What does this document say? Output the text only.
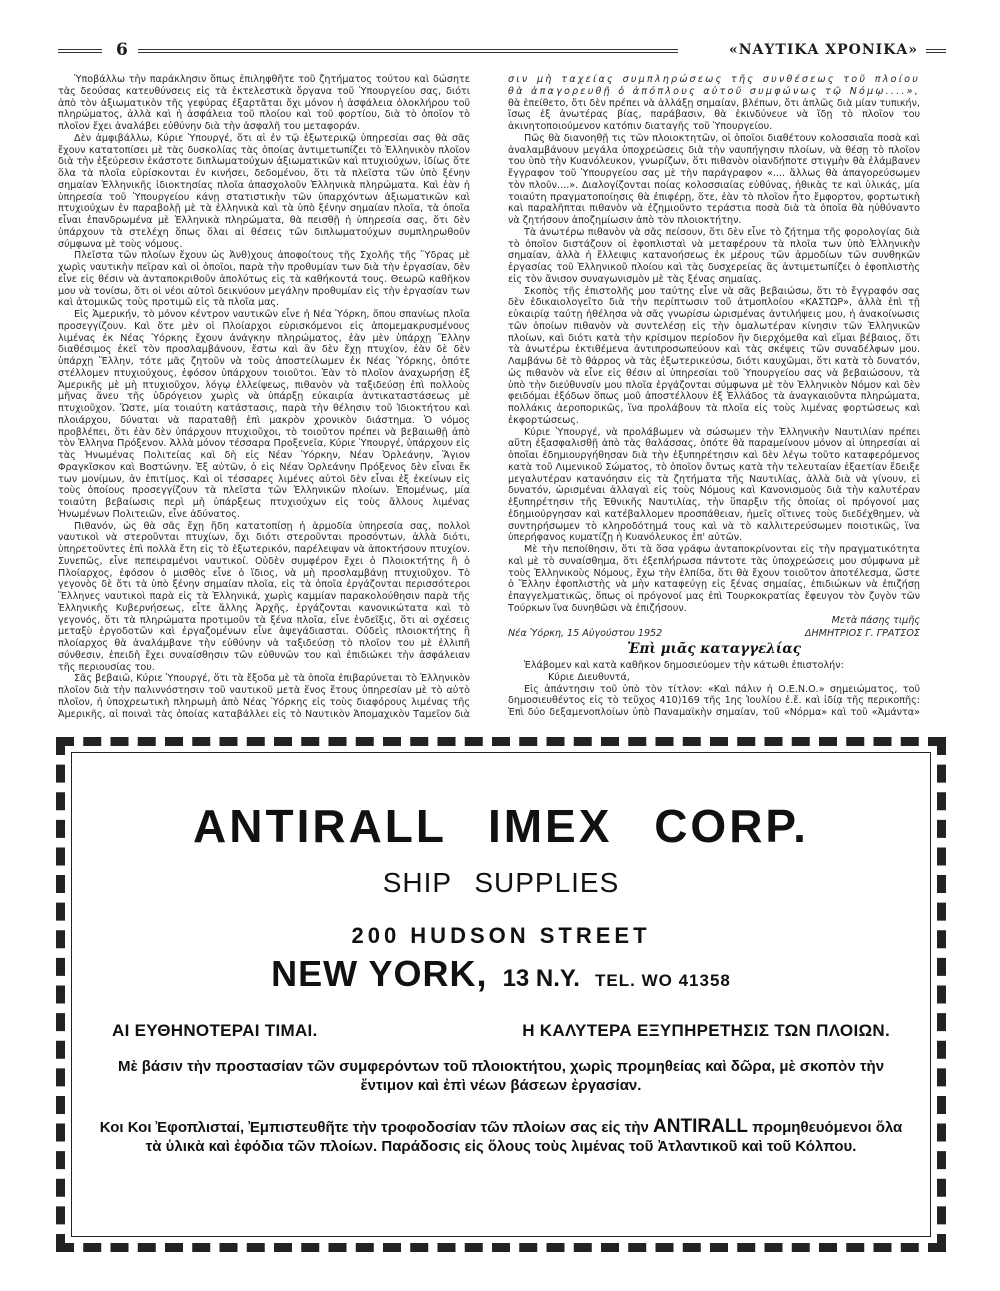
6	«ΝΑΥΤΙΚΑ ΧΡΟΝΙΚΑ»

Ὑποβάλλω τὴν παράκλησιν ὅπως ἐπιληφθῆτε τοῦ ζητήματος τούτου καὶ δώσητε τὰς δεούσας κατευθύνσεις εἰς τὰ ἐκτελεστικὰ ὄργανα τοῦ Ὑπουργείου σας, διότι ἀπὸ τὸν ἀξιωματικὸν τῆς γεφύρας ἐξαρτᾶται ὄχι μόνον ἡ ἀσφάλεια ὁλοκλήρου τοῦ πληρώματος, ἀλλὰ καὶ ἡ ἀσφάλεια τοῦ πλοίου καὶ τοῦ φορτίου, διὰ τὸ ὁποῖον τὸ πλοῖον ἔχει ἀναλάβει εὐθύνην διὰ τὴν ἀσφαλῆ του μεταφοράν.

Δὲν ἀμφιβάλλω, Κύριε Ὑπουργέ, ὅτι αἱ ἐν τῷ ἐξωτερικῷ ὑπηρεσίαι σας θὰ σᾶς ἔχουν κατατοπίσει μὲ τὰς δυσκολίας τὰς ὁποίας ἀντιμετωπίζει τὸ Ἑλληνικὸν πλοῖον διὰ τὴν ἐξεύρεσιν ἑκάστοτε διπλωματούχων ἀξιωματικῶν καὶ πτυχιούχων, ἰδίως ὅτε ὅλα τὰ πλοῖα εὑρίσκονται ἐν κινήσει, δεδομένου, ὅτι τὰ πλεῖστα τῶν ὑπὸ ξένην σημαίαν Ἑλληνικῆς ἰδιοκτησίας πλοῖα ἀπασχολοῦν Ἑλληνικὰ πληρώματα. Καὶ ἐὰν ἡ ὑπηρεσία τοῦ Ὑπουργείου κάνῃ στατιστικὴν τῶν ὑπαρχόντων ἀξιωματικῶν καὶ πτυχιούχων ἐν παραβολῇ μὲ τὰ ἑλληνικὰ καὶ τὰ ὑπὸ ξένην σημαίαν πλοῖα, τὰ ὁποῖα εἶναι ἐπανδρωμένα μὲ Ἑλληνικὰ πληρώματα, θὰ πεισθῇ ἡ ὑπηρεσία σας, ὅτι δὲν ὑπάρχουν τὰ στελέχη ὅπως ὅλαι αἱ θέσεις τῶν διπλωματούχων συμπληρωθοῦν σύμφωνα μὲ τοὺς νόμους.

Πλεῖστα τῶν πλοίων ἔχουν ὡς Ἀνθ)χους ἀποφοίτους τῆς Σχολῆς τῆς Ὕδρας μὲ χωρὶς ναυτικὴν πεῖραν καὶ οἱ ὁποῖοι, παρὰ τὴν προθυμίαν των διὰ τὴν ἐργασίαν, δὲν εἶνε εἰς θέσιν νὰ ἀνταποκριθοῦν ἀπολύτως εἰς τὰ καθήκοντά τους. Θεωρῶ καθῆκον μου νὰ τονίσω, ὅτι οἱ νέοι αὐτοὶ δεικνύουν μεγάλην προθυμίαν εἰς τὴν ἐργασίαν των καὶ ἀτομικῶς τοὺς προτιμῶ εἰς τὰ πλοῖα μας.

Εἰς Ἀμερικήν, τὸ μόνον κέντρον ναυτικῶν εἶνε ἡ Νέα Ὑόρκη, ὅπου σπανίως πλοῖα προσεγγίζουν. Καὶ ὅτε μὲν οἱ Πλοίαρχοι εὑρισκόμενοι εἰς ἀπομεμακρυσμένους λιμένας ἐκ Νέας Ὑόρκης ἔχουν ἀνάγκην πληρώματος, ἐὰν μὲν ὑπάρχῃ Ἕλλην διαθέσιμος ἐκεῖ τὸν προσλαμβάνουν, ἔστω καὶ ἂν δὲν ἔχῃ πτυχίον, ἐὰν δὲ δὲν ὑπάρχῃ Ἕλλην, τότε μᾶς ζητοῦν νὰ τοὺς ἀποστείλωμεν ἐκ Νέας Ὑόρκης, ὁπότε στέλλομεν πτυχιούχους, ἐφόσον ὑπάρχουν τοιοῦτοι. Ἐὰν τὸ πλοῖον ἀναχωρήσῃ ἐξ Ἀμερικῆς μὲ μὴ πτυχιοῦχον, λόγῳ ἐλλείψεως, πιθανὸν νὰ ταξιδεύσῃ ἐπὶ πολλοὺς μῆνας ἄνευ τῆς ὑδρόγειον χωρὶς νὰ ὑπάρξῃ εὐκαιρία ἀντικαταστάσεως μὲ πτυχιοῦχον. Ὥστε, μία τοιαύτη κατάστασις, παρὰ τὴν θέλησιν τοῦ Ἰδιοκτήτου καὶ πλοιάρχου, δύναται νὰ παραταθῇ ἐπὶ μακρὸν χρονικὸν διάστημα. Ὁ νόμος προβλέπει, ὅτι ἐὰν δὲν ὑπάρχουν πτυχιοῦχοι, τὸ τοιοῦτον πρέπει νὰ βεβαιωθῇ ἀπὸ τὸν Ἑλληνα Πρόξενον. Ἀλλὰ μόνον τέσσαρα Προξενεῖα, Κύριε Ὑπουργέ, ὑπάρχουν εἰς τὰς Ἡνωμένας Πολιτείας καὶ δὴ εἰς Νέαν Ὑόρκην, Νέαν Ὀρλεάνην, Ἅγιον Φραγκῖσκον καὶ Βοστώνην. Ἐξ αὐτῶν, ὁ εἰς Νέαν Ὀρλεάνην Πρόξενος δὲν εἶναι ἔκ των μονίμων, ἀν ἐπιτίμος. Καὶ οἱ τέσσαρες λιμένες αὐτοὶ δὲν εἶναι ἐξ ἐκείνων εἰς τοὺς ὁποίους προσεγγίζουν τὰ πλεῖστα τῶν Ἑλληνικῶν πλοίων. Ἑπομένως, μία τοιαύτη βεβαίωσις περὶ μὴ ὑπάρξεως πτυχιούχων εἰς τοὺς ἄλλους λιμένας Ἡνωμένων Πολιτειῶν, εἶνε ἀδύνατος.

Πιθανόν, ὡς θὰ σᾶς ἔχῃ ἤδη κατατοπίσῃ ἡ ἁρμοδία ὑπηρεσία σας, πολλοὶ ναυτικοὶ νὰ στεροῦνται πτυχίων, ὄχι διότι στεροῦνται προσόντων, ἀλλὰ διότι, ὑπηρετοῦντες ἐπὶ πολλὰ ἔτη εἰς τὸ ἐξωτερικόν, παρέλειψαν νὰ ἀποκτήσουν πτυχίον. Συνεπῶς, εἶνε πεπειραμένοι ναυτικοί. Οὐδὲν συμφέρον ἔχει ὁ Πλοιοκτήτης ἢ ὁ Πλοίαρχος, ἐφόσον ὁ μισθὸς εἶνε ὁ ἴδιος, νὰ μὴ προσλαμβάνῃ πτυχιοῦχον. Τὸ γεγονὸς δὲ ὅτι τὰ ὑπὸ ξένην σημαίαν πλοῖα, εἰς τὰ ὁποῖα ἐργάζονται περισσότεροι Ἕλληνες ναυτικοὶ παρὰ εἰς τὰ Ἑλληνικά, χωρὶς καμμίαν παρακολούθησιν παρὰ τῆς Ἑλληνικῆς Κυβερνήσεως, εἶτε ἄλλης Ἀρχῆς, ἐργάζονται κανονικώτατα καὶ τὸ γεγονός, ὅτι τὰ πληρώματα προτιμοῦν τὰ ξένα πλοῖα, εἶνε ἐνδεῖξις, ὅτι αἱ σχέσεις μεταξὺ ἐργοδοτῶν καὶ ἐργαζομένων εἶνε ἀψεγάδιασται. Οὐδεὶς πλοιοκτήτης ἢ πλοίαρχος θὰ ἀναλάμβανε τὴν εὐθύνην νὰ ταξιδεύσῃ τὸ πλοῖον του μὲ ἐλλιπῆ σύνθεσιν, ἐπειδὴ ἔχει συναίσθησιν τῶν εὐθυνῶν του καὶ ἐπιδιώκει τὴν ἀσφάλειαν τῆς περιουσίας του.

Σᾶς βεβαιῶ, Κύριε Ὑπουργέ, ὅτι τὰ ἔξοδα μὲ τὰ ὁποῖα ἐπιβαρύνεται τὸ Ἑλληνικὸν πλοῖον διὰ τὴν παλιννόστησιν τοῦ ναυτικοῦ μετὰ ἕνος ἔτους ὑπηρεσίαν μὲ τὸ αὐτὸ πλοῖον, ἡ ὑποχρεωτικὴ πληρωμὴ ἀπὸ Νέας Ὑόρκης εἰς τοὺς διαφόρους λιμένας τῆς Ἀμερικῆς, αἱ ποιναὶ τὰς ὁποίας καταβάλλει εἰς τὸ Ναυτικὸν Ἀπομαχικὸν Ταμεῖον διὰ

σιν μὴ ταχείας συμπληρώσεως τῆς συνθέσεως τοῦ πλοίου θὰ ἀπαγορευθῇ ὁ ἀπόπλους αὐτοῦ συμφώνως τῷ Νόμῳ....», θὰ ἐπείθετο, ὅτι δὲν πρέπει νὰ ἀλλάξῃ σημαίαν, βλέπων, ὅτι ἁπλῶς διὰ μίαν τυπικήν, ἴσως ἐξ ἀνωτέρας βίας, παράβασιν, θὰ ἐκινδύνευε νὰ ἴδῃ τὸ πλοῖον του ἀκινητοποιούμενον κατόπιν διαταγῆς τοῦ Ὑπουργείου.

Πῶς θὰ διανοηθῇ τις τῶν πλοιοκτητῶν, οἱ ὁποῖοι διαθέτουν κολοσσιαῖα ποσὰ καὶ ἀναλαμβάνουν μεγάλα ὑποχρεώσεις διὰ τὴν ναυπήγησιν πλοίων, νὰ θέσῃ τὸ πλοῖον του ὑπὸ τὴν Κυανόλευκον, γνωρίζων, ὅτι πιθανὸν οἱανδήποτε στιγμὴν θὰ ἐλάμβανεν ἔγγραφον τοῦ Ὑπουργείου σας μὲ τὴν παράγραφον «.... ἄλλως θὰ ἀπαγορεύσωμεν τὸν πλοῦν....». Διαλογίζονται ποίας κολοσσιαίας εὐθύνας, ἠθικὰς τε καὶ ὑλικάς, μία τοιαύτη πραγματοποίησις θὰ ἐπιφέρῃ, ὅτε, ἐὰν τὸ πλοῖον ἦτο ἔμφορτον, φορτωτικὴ καὶ παραλῆπται πιθανὸν νὰ ἐζημιοῦντο τεράστια ποσὰ διὰ τὰ ὁποῖα θὰ ηὐθύναντο νὰ ζητήσουν ἀποζημίωσιν ἀπὸ τὸν πλοιοκτήτην.

Τὰ ἀνωτέρω πιθανὸν νὰ σᾶς πείσουν, ὅτι δὲν εἶνε τὸ ζήτημα τῆς φορολογίας διὰ τὸ ὁποῖον διστάζουν οἱ ἐφοπλισταὶ νὰ μεταφέρουν τὰ πλοῖα των ὑπὸ Ἑλληνικὴν σημαίαν, ἀλλὰ ἡ ἔλλειψις κατανοήσεως ἐκ μέρους τῶν ἁρμοδίων τῶν συνθηκῶν ἐργασίας τοῦ Ἑλληνικοῦ πλοίου καὶ τὰς δυσχερείας ἃς ἀντιμετωπίζει ὁ ἐφοπλιστὴς εἰς τὸν ἄνισον συναγωνισμὸν μὲ τὰς ξένας σημαίας.

Σκοπὸς τῆς ἐπιστολῆς μου ταύτης εἶνε νὰ σᾶς βεβαιώσω, ὅτι τὸ ἔγγραφόν σας δὲν ἐδικαιολογεῖτο διὰ τὴν περίπτωσιν τοῦ ἀτμοπλοίου «ΚΑΣΤΩΡ», ἀλλὰ ἐπὶ τῇ εὐκαιρίᾳ ταύτῃ ἠθέλησα νὰ σᾶς γνωρίσω ὡρισμένας ἀντιλήψεις μου, ἡ ἀνακοίνωσις τῶν ὁποίων πιθανὸν νὰ συντελέσῃ εἰς τὴν ὁμαλωτέραν κίνησιν τῶν Ἑλληνικῶν πλοίων, καὶ διότι κατὰ τὴν κρίσιμον περίοδον ἣν διερχόμεθα καὶ εἴμαι βέβαιος, ὅτι τὰ ἀνωτέρω ἐκτιθέμενα ἀντιπροσωπεύουν καὶ τὰς σκέψεις τῶν συναδέλφων μου. Λαμβάνω δὲ τὸ θάρρος νὰ τὰς ἐξωτερικεύσω, διότι καυχῶμαι, ὅτι κατὰ τὸ δυνατόν, ὡς πιθανὸν νὰ εἶνε εἰς θέσιν αἱ ὑπηρεσίαι τοῦ Ὑπουργείου σας νὰ βεβαιώσουν, τὰ ὑπὸ τὴν διεύθυνσίν μου πλοῖα ἐργάζονται σύμφωνα μὲ τὸν Ἑλληνικὸν Νόμον καὶ δὲν φειδόμαι ἐξόδων ὅπως μοῦ ἀποστέλλουν ἐξ Ἑλλάδος τὰ ἀναγκαιοῦντα πληρώματα, πολλάκις ἀεροπορικῶς, ἵνα προλάβουν τὰ πλοῖα εἰς τοὺς λιμένας φορτώσεως καὶ ἐκφορτώσεως.

Κύριε Ὑπουργέ, νὰ προλάβωμεν νὰ σώσωμεν τὴν Ἑλληνικὴν Ναυτιλίαν πρέπει αὕτη ἐξασφαλισθῇ ἀπὸ τὰς θαλάσσας, ὁπότε θὰ παραμείνουν μόνον αἱ ὑπηρεσίαι αἱ ὁποῖαι ἐδημιουργήθησαν διὰ τὴν ἐξυπηρέτησιν καὶ δὲν λέγω τοῦτο καταφερόμενος κατὰ τοῦ Λιμενικοῦ Σώματος, τὸ ὁποῖον ὄντως κατὰ τὴν τελευταίαν ἑξαετίαν ἔδειξε μεγαλυτέραν κατανόησιν εἰς τὰ ζητήματα τῆς Ναυτιλίας, ἀλλὰ διὰ νὰ γίνουν, εἰ δυνατόν, ὡρισμέναι ἀλλαγαὶ εἰς τοὺς Νόμους καὶ Κανονισμοὺς διὰ τὴν καλυτέραν ἐξυπηρέτησιν τῆς Ἐθνικῆς Ναυτιλίας, τὴν ὕπαρξιν τῆς ὁποίας οἱ πρόγονοί μας ἐδημιούργησαν καὶ κατέβαλλομεν προσπάθειαν, ἡμεῖς οἵτινες τοὺς διεδέχθημεν, νὰ συντηρήσωμεν τὸ κληροδότημά τους καὶ νὰ τὸ καλλιτερεύσωμεν ποιοτικῶς, ἵνα ὑπερήφανος κυματίζῃ ἡ Κυανόλευκος ἐπ' αὐτῶν.

Μὲ τὴν πεποίθησιν, ὅτι τὰ ὅσα γράφω ἀνταποκρίνονται εἰς τὴν πραγματικότητα καὶ μὲ τὸ συναίσθημα, ὅτι ἐξεπλήρωσα πάντοτε τὰς ὑποχρεώσεις μου σύμφωνα μὲ τοὺς Ἑλληνικοὺς Νόμους, ἔχω τὴν ἐλπίδα, ὅτι θὰ ἔχουν τοιοῦτον ἀποτέλεσμα, ὥστε ὁ Ἕλλην ἐφοπλιστὴς νὰ μὴν καταφεύγῃ εἰς ξένας σημαίας, ἐπιδιώκων νὰ ἐπιζήσῃ ἐπαγγελματικῶς, ὅπως οἱ πρόγονοί μας ἐπὶ Τουρκοκρατίας ἔφευγον τὸν ζυγὸν τῶν Τούρκων ἵνα δυνηθῶσι νὰ ἐπιζήσουν.

Μετὰ πάσης τιμῆς
Νέα Ὑόρκη, 15 Αὐγούστου 1952	ΔΗΜΗΤΡΙΟΣ Γ. ΓΡΑΤΣΟΣ
Ἐπὶ μιᾶς καταγγελίας

Ἐλάβομεν καὶ κατὰ καθῆκον δημοσιεύομεν τὴν κάτωθι ἐπιστολήν:

Κύριε Διευθυντά,

Εἰς ἀπάντησιν τοῦ ὑπὸ τὸν τίτλον: «Καὶ πάλιν ἡ Ο.Ε.Ν.Ο.» σημειώματος, τοῦ δημοσιευθέντος εἰς τὸ τεῦχος 410)169 τῆς 1ης Ἰουλίου ἐ.ἔ. καὶ ἰδίᾳ τῆς περικοπῆς: Ἐπὶ δύο δεξαμενοπλοίων ὑπὸ Παναμαϊκὴν σημαίαν, τοῦ «Νόρμα» καὶ τοῦ «Ἀμάντα»

ANTIRALL IMEX CORP.
SHIP SUPPLIES
200 HUDSON STREET
NEW YORK, 13 N.Y. TEL. WO 41358
ΑΙ ΕΥΘΗΝΟΤΕΡΑΙ ΤΙΜΑΙ.	Η ΚΑΛΥΤΕΡΑ ΕΞΥΠΗΡΕΤΗΣΙΣ ΤΩΝ ΠΛΟΙΩΝ.
Μὲ βάσιν τὴν προστασίαν τῶν συμφερόντων τοῦ πλοιοκτήτου, χωρὶς προμηθείας καὶ δῶρα, μὲ σκοπὸν τὴν ἔντιμον καὶ ἐπὶ νέων βάσεων ἐργασίαν.
Κοι Κοι Ἐφοπλισταί, Ἐμπιστευθῆτε τὴν τροφοδοσίαν τῶν πλοίων σας εἰς τὴν ANTIRALL προμηθευόμενοι ὅλα τὰ ὑλικὰ καὶ ἐφόδια τῶν πλοίων. Παράδοσις εἰς ὅλους τοὺς λιμένας τοῦ Ἀτλαντικοῦ καὶ τοῦ Κόλπου.
